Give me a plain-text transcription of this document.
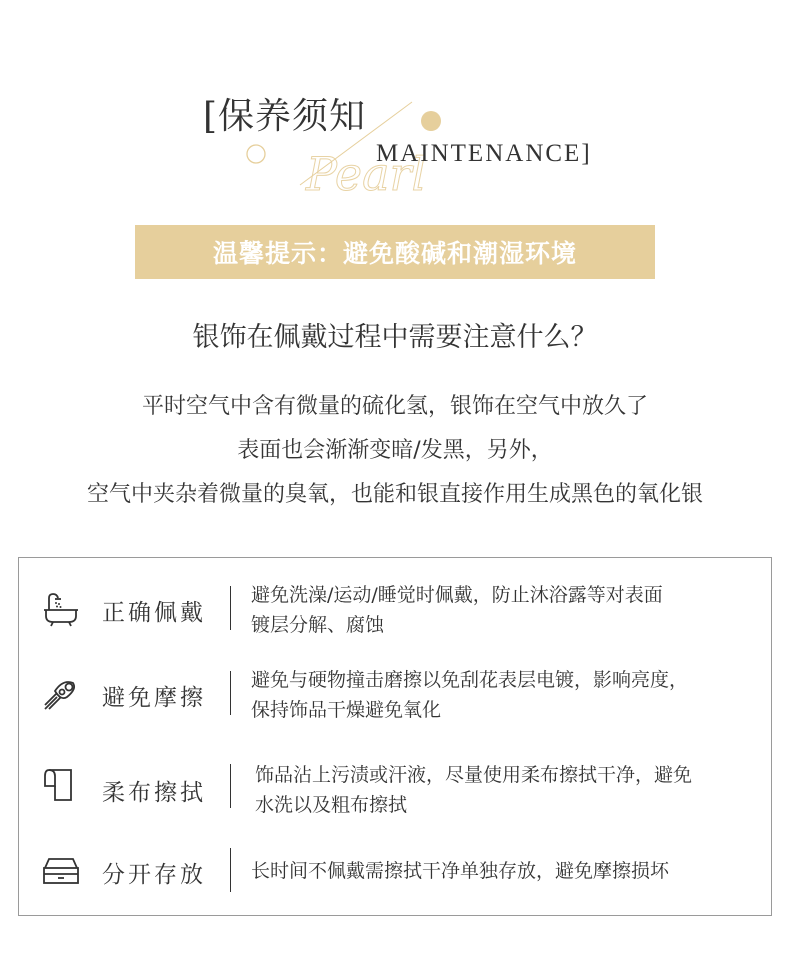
Pearl
[保养须知
MAINTENANCE]
温馨提示：避免酸碱和潮湿环境
银饰在佩戴过程中需要注意什么？

平时空气中含有微量的硫化氢，银饰在空气中放久了

表面也会渐渐变暗/发黑，另外，

空气中夹杂着微量的臭氧，也能和银直接作用生成黑色的氧化银

正确佩戴
避免洗澡/运动/睡觉时佩戴，防止沐浴露等对表面
镀层分解、腐蚀
避免摩擦
避免与硬物撞击磨擦以免刮花表层电镀，影响亮度，
保持饰品干燥避免氧化
柔布擦拭
饰品沾上污渍或汗液，尽量使用柔布擦拭干净，避免
水洗以及粗布擦拭
分开存放 长时间不佩戴需擦拭干净单独存放，避免摩擦损坏
